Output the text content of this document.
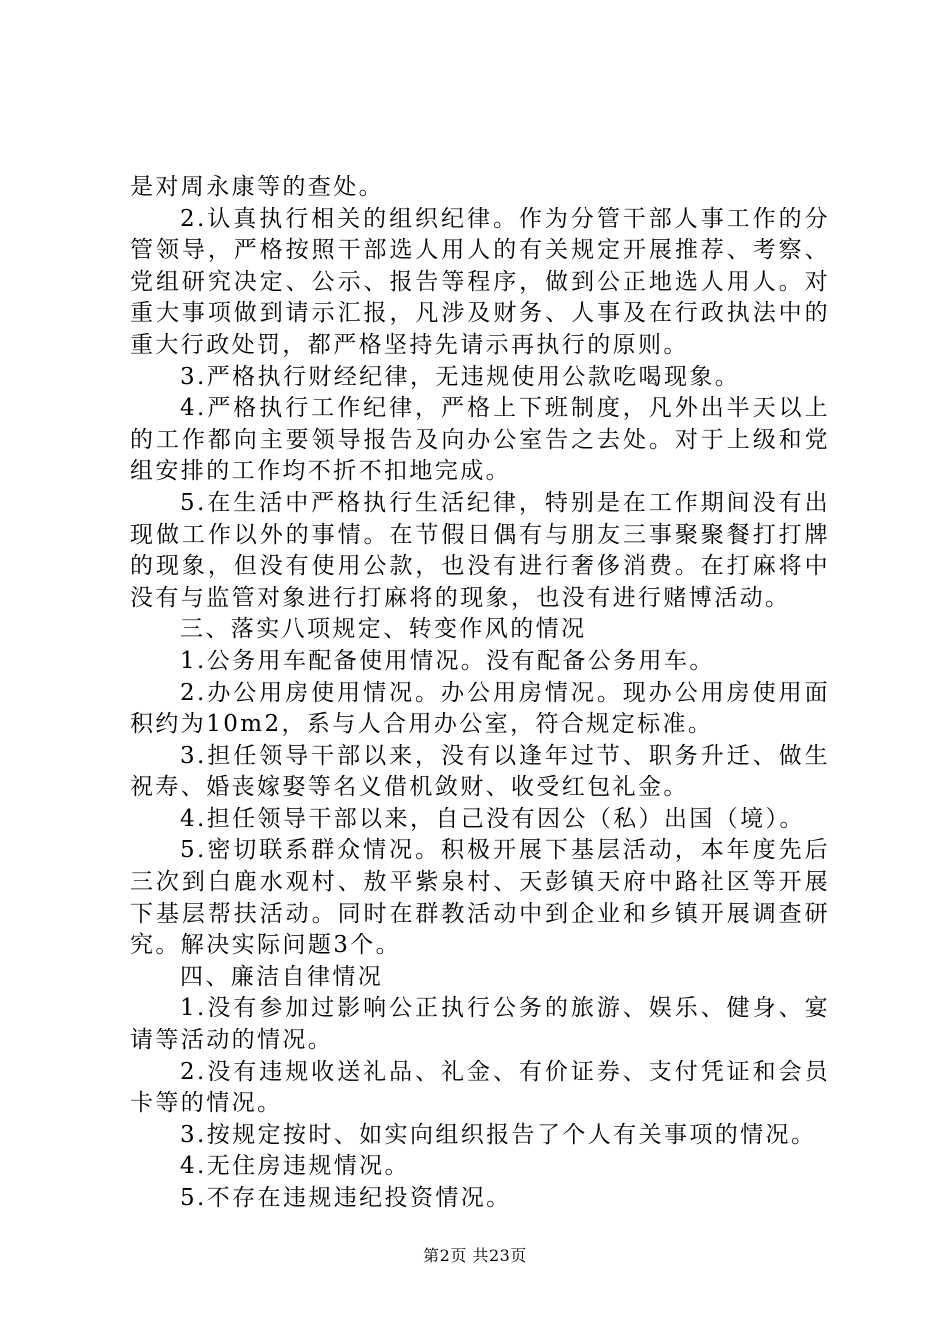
是对周永康等的查处。

2.认真执行相关的组织纪律。作为分管干部人事工作的分管领导，严格按照干部选人用人的有关规定开展推荐、考察、党组研究决定、公示、报告等程序，做到公正地选人用人。对重大事项做到请示汇报，凡涉及财务、人事及在行政执法中的重大行政处罚，都严格坚持先请示再执行的原则。

3.严格执行财经纪律，无违规使用公款吃喝现象。

4.严格执行工作纪律，严格上下班制度，凡外出半天以上的工作都向主要领导报告及向办公室告之去处。对于上级和党组安排的工作均不折不扣地完成。

5.在生活中严格执行生活纪律，特别是在工作期间没有出现做工作以外的事情。在节假日偶有与朋友三事聚聚餐打打牌的现象，但没有使用公款，也没有进行奢侈消费。在打麻将中没有与监管对象进行打麻将的现象，也没有进行赌博活动。

三、落实八项规定、转变作风的情况

1.公务用车配备使用情况。没有配备公务用车。

2.办公用房使用情况。办公用房情况。现办公用房使用面积约为10m2，系与人合用办公室，符合规定标准。

3.担任领导干部以来，没有以逢年过节、职务升迁、做生祝寿、婚丧嫁娶等名义借机敛财、收受红包礼金。

4.担任领导干部以来，自己没有因公（私）出国（境）。

5.密切联系群众情况。积极开展下基层活动，本年度先后三次到白鹿水观村、敖平紫泉村、天彭镇天府中路社区等开展下基层帮扶活动。同时在群教活动中到企业和乡镇开展调查研究。解决实际问题3个。

四、廉洁自律情况

1.没有参加过影响公正执行公务的旅游、娱乐、健身、宴请等活动的情况。

2.没有违规收送礼品、礼金、有价证券、支付凭证和会员卡等的情况。

3.按规定按时、如实向组织报告了个人有关事项的情况。

4.无住房违规情况。

5.不存在违规违纪投资情况。

第2页 共23页
